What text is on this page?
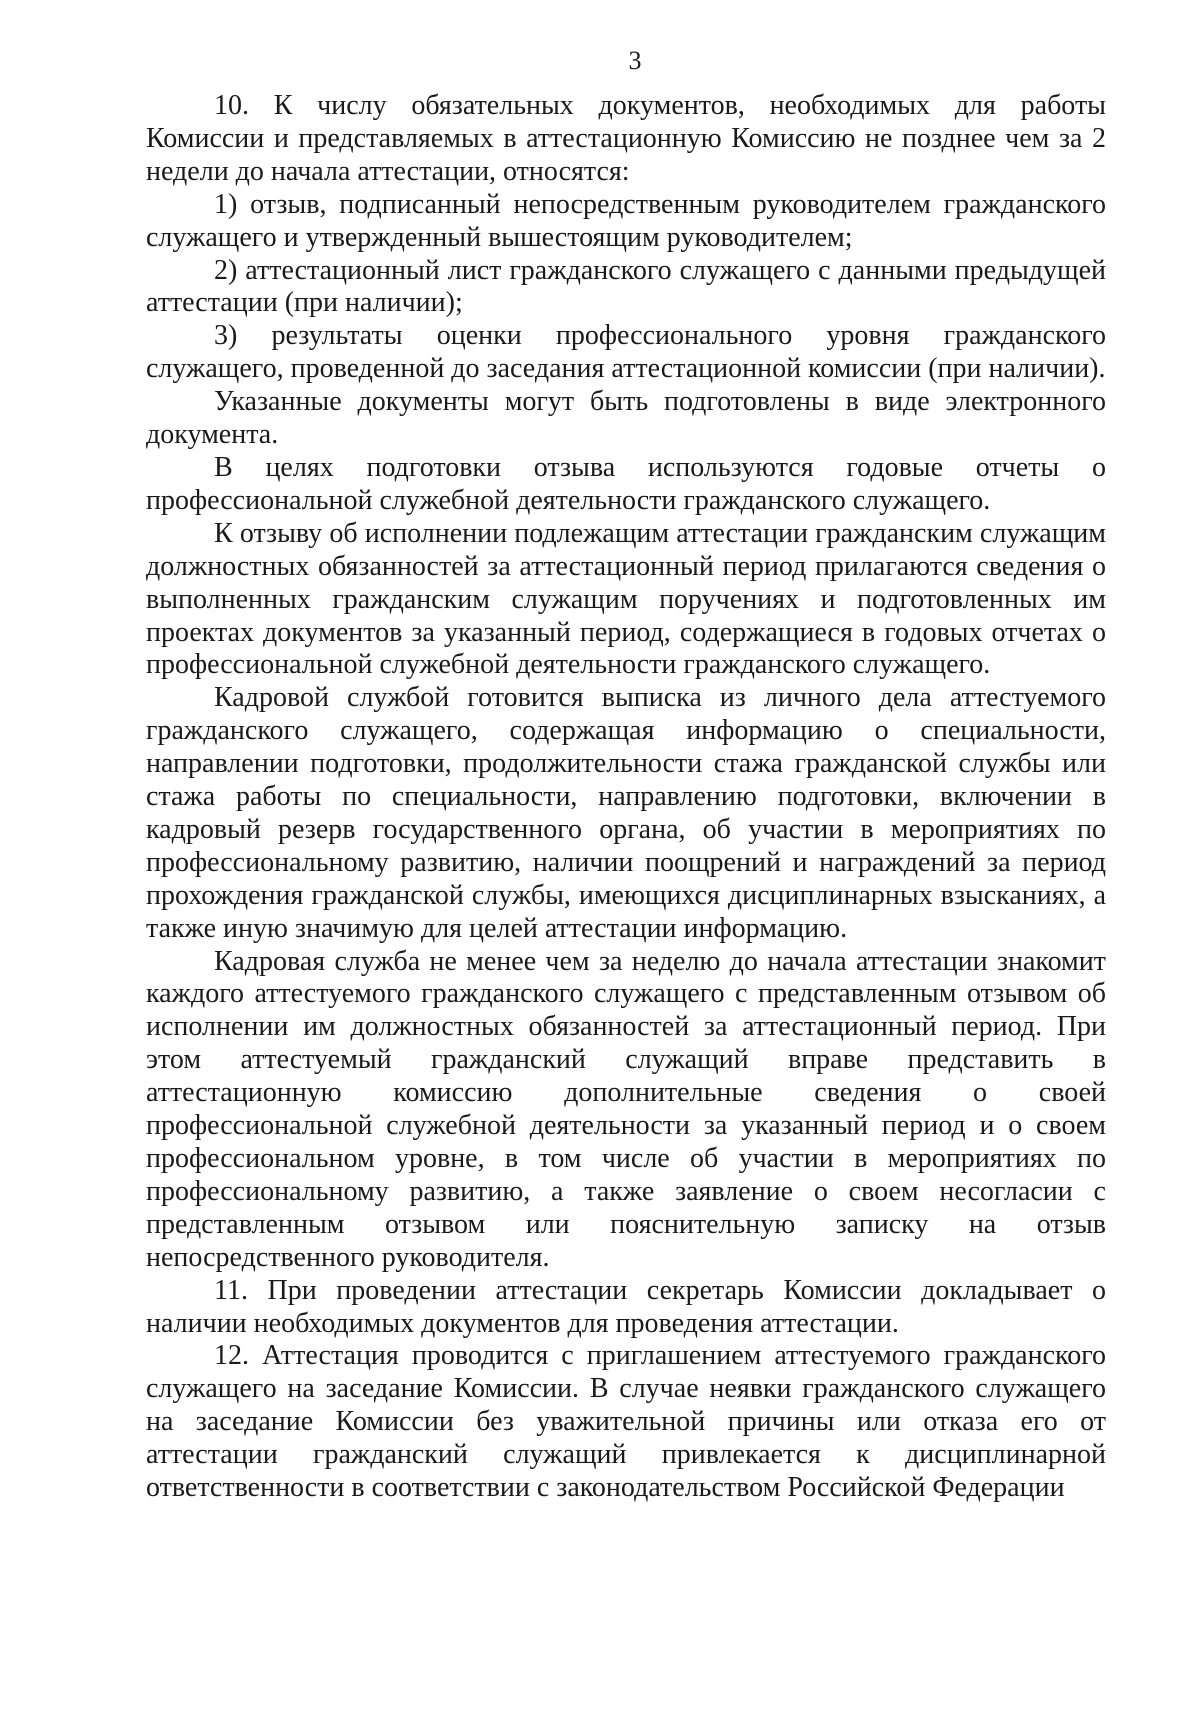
3

10. К числу обязательных документов, необходимых для работы Комиссии и представляемых в аттестационную Комиссию не позднее чем за 2 недели до начала аттестации, относятся:

1) отзыв, подписанный непосредственным руководителем гражданского служащего и утвержденный вышестоящим руководителем;

2) аттестационный лист гражданского служащего с данными предыдущей аттестации (при наличии);

3) результаты оценки профессионального уровня гражданского служащего, проведенной до заседания аттестационной комиссии (при наличии).

Указанные документы могут быть подготовлены в виде электронного документа.

В целях подготовки отзыва используются годовые отчеты о профессиональной служебной деятельности гражданского служащего.

К отзыву об исполнении подлежащим аттестации гражданским служащим должностных обязанностей за аттестационный период прилагаются сведения о выполненных гражданским служащим поручениях и подготовленных им проектах документов за указанный период, содержащиеся в годовых отчетах о профессиональной служебной деятельности гражданского служащего.

Кадровой службой готовится выписка из личного дела аттестуемого гражданского служащего, содержащая информацию о специальности, направлении подготовки, продолжительности стажа гражданской службы или стажа работы по специальности, направлению подготовки, включении в кадровый резерв государственного органа, об участии в мероприятиях по профессиональному развитию, наличии поощрений и награждений за период прохождения гражданской службы, имеющихся дисциплинарных взысканиях, а также иную значимую для целей аттестации информацию.

Кадровая служба не менее чем за неделю до начала аттестации знакомит каждого аттестуемого гражданского служащего с представленным отзывом об исполнении им должностных обязанностей за аттестационный период. При этом аттестуемый гражданский служащий вправе представить в аттестационную комиссию дополнительные сведения о своей профессиональной служебной деятельности за указанный период и о своем профессиональном уровне, в том числе об участии в мероприятиях по профессиональному развитию, а также заявление о своем несогласии с представленным отзывом или пояснительную записку на отзыв непосредственного руководителя.

11. При проведении аттестации секретарь Комиссии докладывает о наличии необходимых документов для проведения аттестации.

12. Аттестация проводится с приглашением аттестуемого гражданского служащего на заседание Комиссии. В случае неявки гражданского служащего на заседание Комиссии без уважительной причины или отказа его от аттестации гражданский служащий привлекается к дисциплинарной ответственности в соответствии с законодательством Российской Федерации
